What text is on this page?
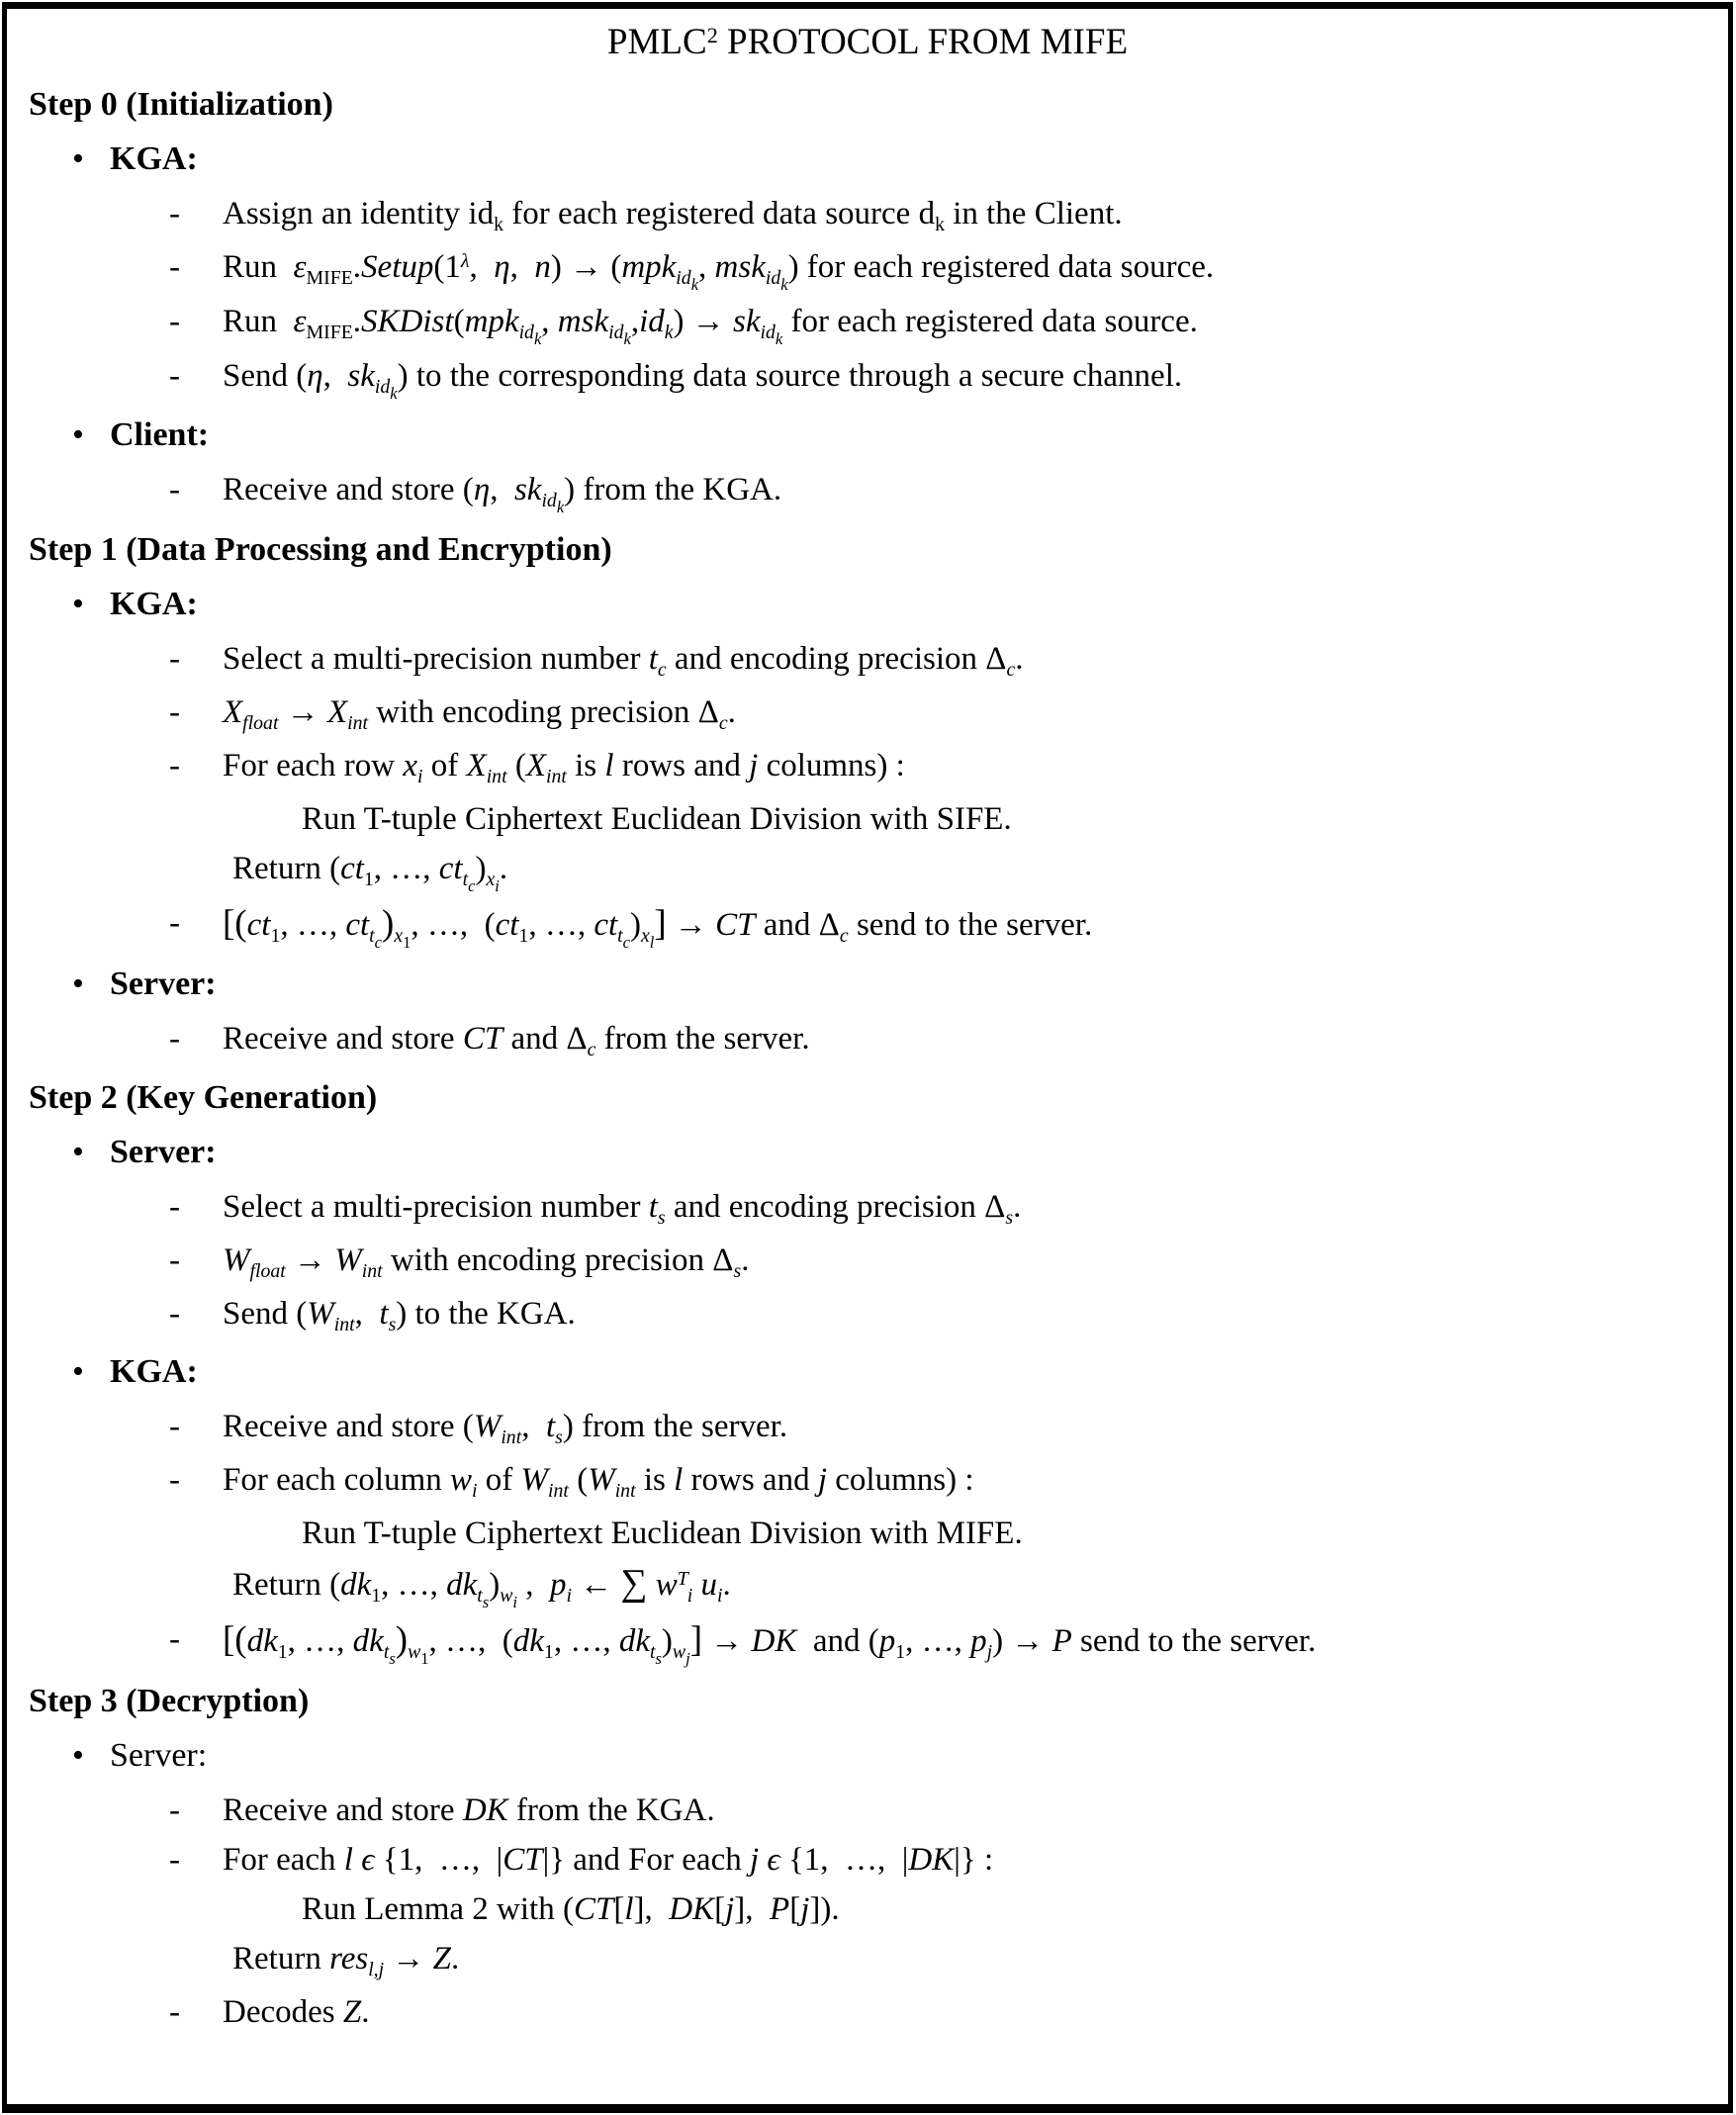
PMLC$^2$ PROTOCOL FROM MIFE
Step 0 (Initialization)
• KGA:
- Assign an identity idk for each registered data source dk in the Client.
- Run  $\varepsilon MIFE.Setup(1^\lambda$,  η,  n) → (mpkid$_k$, mskid$_k$) for each registered data source.
- Run  εMIFE.SKDist(mpkid$_k$, mskid$_k$,idk) → skid$_k$ for each registered data source.
- Send (η,  skid$_k$) to the corresponding data source through a secure channel.
• Client:
- Receive and store (η,  skid$_k$) from the KGA.
Step 1 (Data Processing and Encryption)
• KGA:
- Select a multi-precision number tc and encoding precision Δc.
- Xfloat → Xint with encoding precision Δc.
- For each row xi of Xint (Xint is l rows and j columns) :
Run T-tuple Ciphertext Euclidean Division with SIFE.
Return (ct1, …, $ctt_c)x_i$.
- [(ct1, …, $ctt_c)x_1$, …,  (ct1, …, $ctt_c)x_l$] → CT and Δc send to the server.
• Server:
- Receive and store CT and Δc from the server.
Step 2 (Key Generation)
• Server:
- Select a multi-precision number ts and encoding precision Δs.
- Wfloat → Wint with encoding precision Δs.
- Send (Wint,  ts) to the KGA.
• KGA:
- Receive and store (Wint,  ts) from the server.
- For each column wi of Wint (Wint is l rows and j columns) :
Run T-tuple Ciphertext Euclidean Division with MIFE.
Return (dk1, …, $dkt_s)w_i$ ,  pi ← ∑ $w^Ti$ ui.
- [(dk1, …, $dkt_s)w_1$, …,  (dk1, …, $dkt_s)w_j$] → DK  and (p1, …, pj) → P send to the server.
Step 3 (Decryption)
• Server:
- Receive and store DK from the KGA.
- For each l ϵ {1,  …,  |CT|} and For each j ϵ {1,  …,  |DK|} :
Run Lemma 2 with (CT[l],  DK[j],  P[j]).
Return resl,j → Z.
- Decodes Z.
